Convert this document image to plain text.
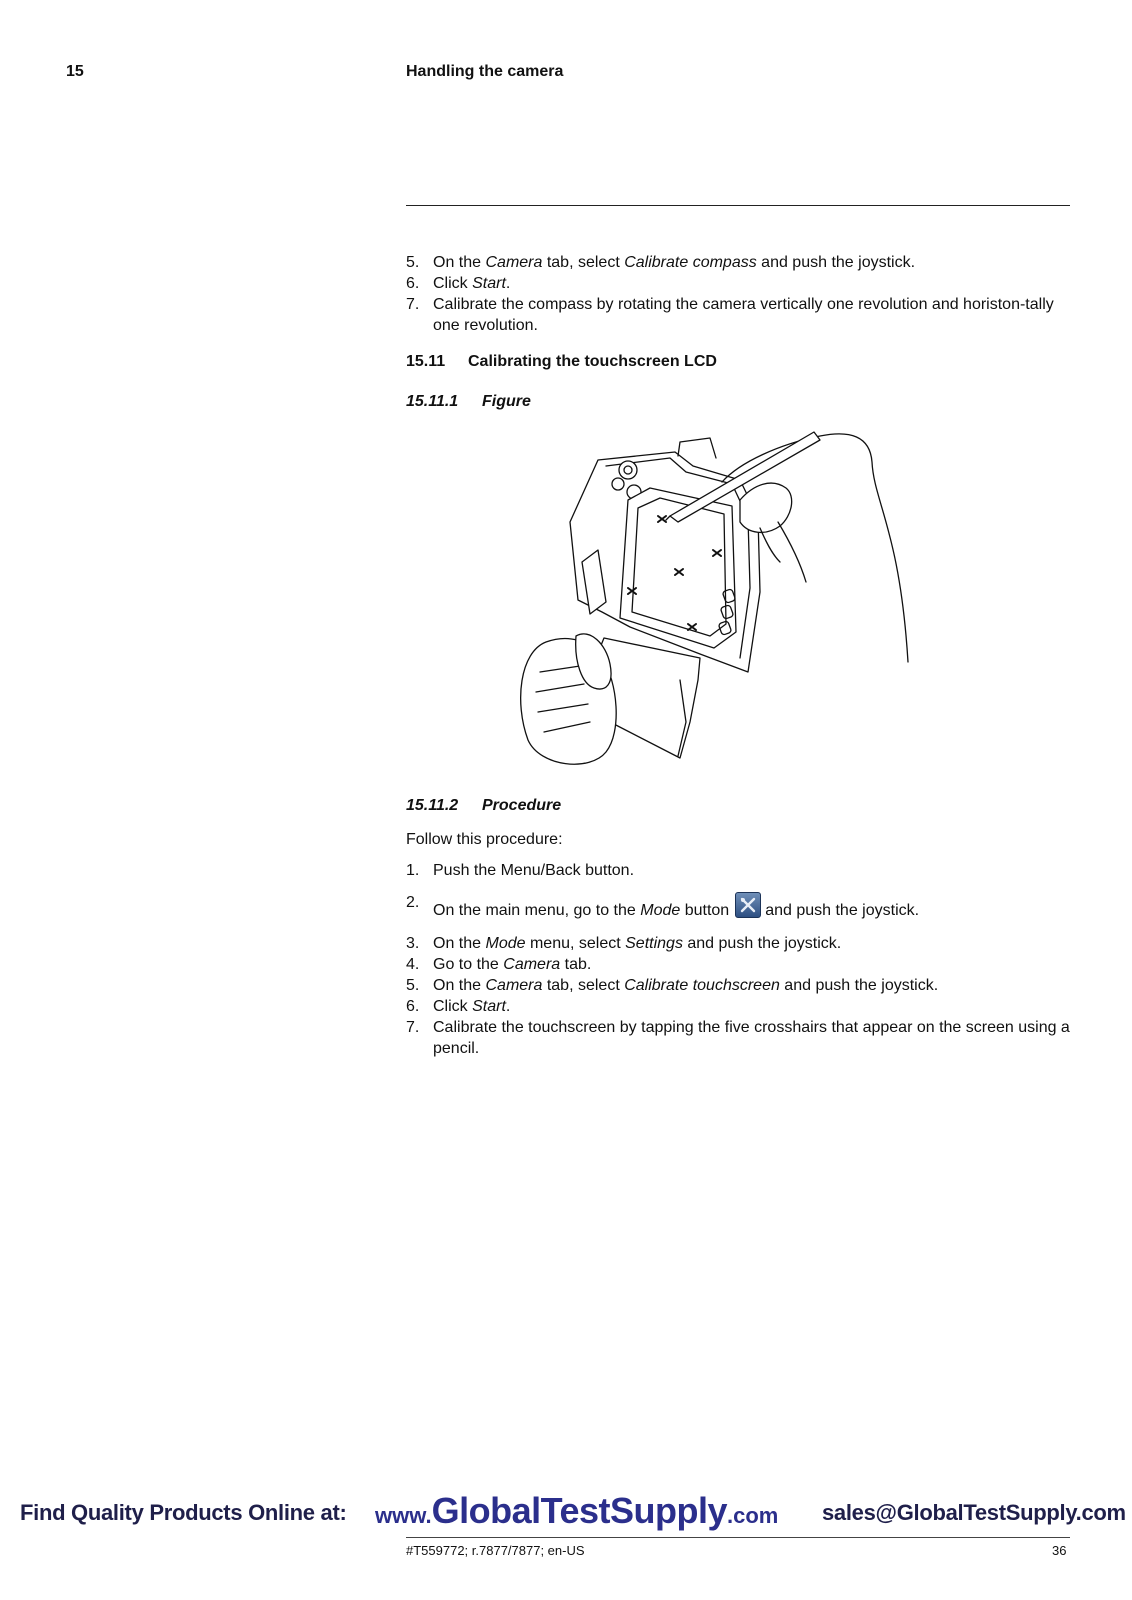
15	Handling the camera
5. On the Camera tab, select Calibrate compass and push the joystick.
6. Click Start.
7. Calibrate the compass by rotating the camera vertically one revolution and horiston-tally one revolution.
15.11 Calibrating the touchscreen LCD
15.11.1 Figure
15.11.2 Procedure
Follow this procedure:
1. Push the Menu/Back button.
2. On the main menu, go to the Mode button and push the joystick.
3. On the Mode menu, select Settings and push the joystick.
4. Go to the Camera tab.
5. On the Camera tab, select Calibrate touchscreen and push the joystick.
6. Click Start.
7. Calibrate the touchscreen by tapping the five crosshairs that appear on the screen using a pencil.
Find Quality Products Online at: www.GlobalTestSupply.com sales@GlobalTestSupply.com
#T559772; r.7877/7877; en-US	36
